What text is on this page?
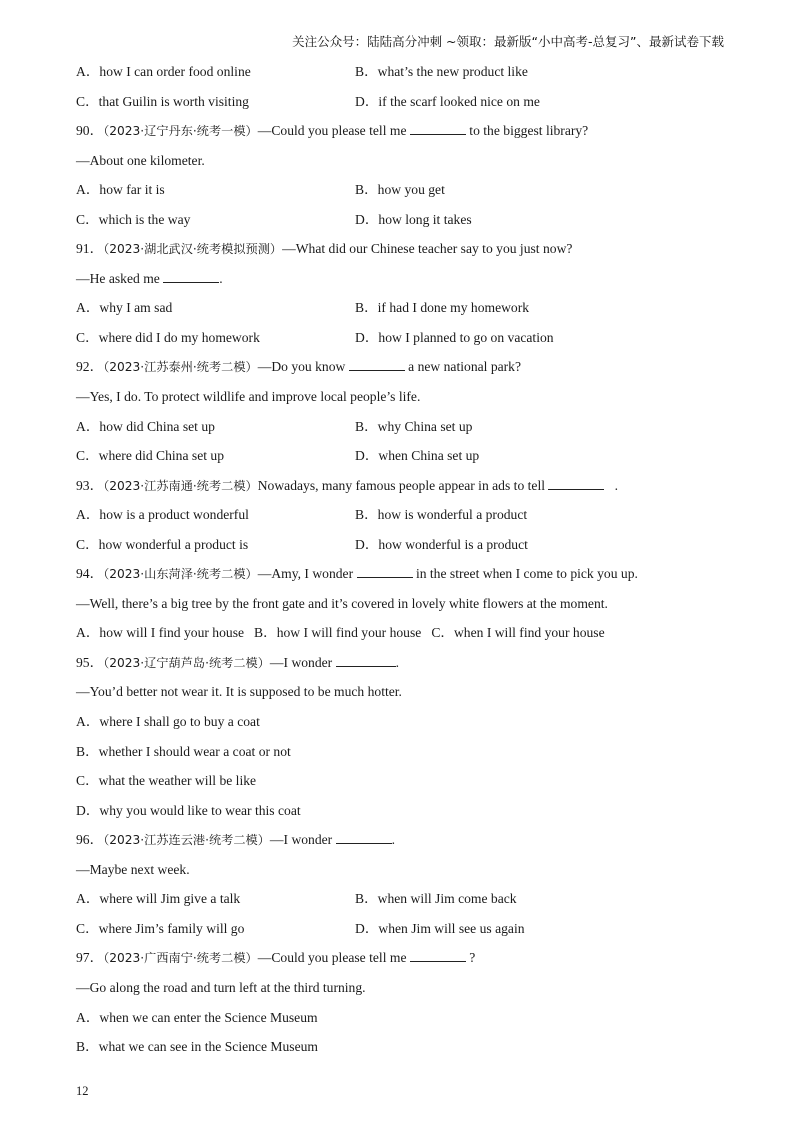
关注公众号：陆陆高分冲刺 ~领取：最新版“小中高考-总复习”、最新试卷下载
A．how I can order food online	B．what’s the new product like
C．that Guilin is worth visiting	D．if the scarf looked nice on me
90．（2023·辽宁丹东·统考一模）—Could you please tell me	to the biggest library?
—About one kilometer.
A．how far it is	B．how you get
C．which is the way	D．how long it takes
91．（2023·湖北武汉·统考模拟预测）—What did our Chinese teacher say to you just now?
—He asked me	.
A．why I am sad	B．if had I done my homework
C．where did I do my homework	D．how I planned to go on vacation
92．（2023·江苏泰州·统考二模）—Do you know	a new national park?
—Yes, I do. To protect wildlife and improve local people’s life.
A．how did China set up	B．why China set up
C．where did China set up	D．when China set up
93．（2023·江苏南通·统考二模）Nowadays, many famous people appear in ads to tell	.
A．how is a product wonderful	B．how is wonderful a product
C．how wonderful a product is	D．how wonderful is a product
94．（2023·山东菏泽·统考二模）—Amy, I wonder	in the street when I come to pick you up.
—Well, there’s a big tree by the front gate and it’s covered in lovely white flowers at the moment.
A．how will I find your house B．how I will find your house C．when I will find your house
95．（2023·辽宁葫芦岛·统考二模）—I wonder	.
—You’d better not wear it. It is supposed to be much hotter.
A．where I shall go to buy a coat
B．whether I should wear a coat or not
C．what the weather will be like
D．why you would like to wear this coat
96．（2023·江苏连云港·统考二模）—I wonder	.
—Maybe next week.
A．where will Jim give a talk	B．when will Jim come back
C．where Jim’s family will go	D．when Jim will see us again
97．（2023·广西南宁·统考二模）—Could you please tell me	?
—Go along the road and turn left at the third turning.
A．when we can enter the Science Museum
B．what we can see in the Science Museum
12
